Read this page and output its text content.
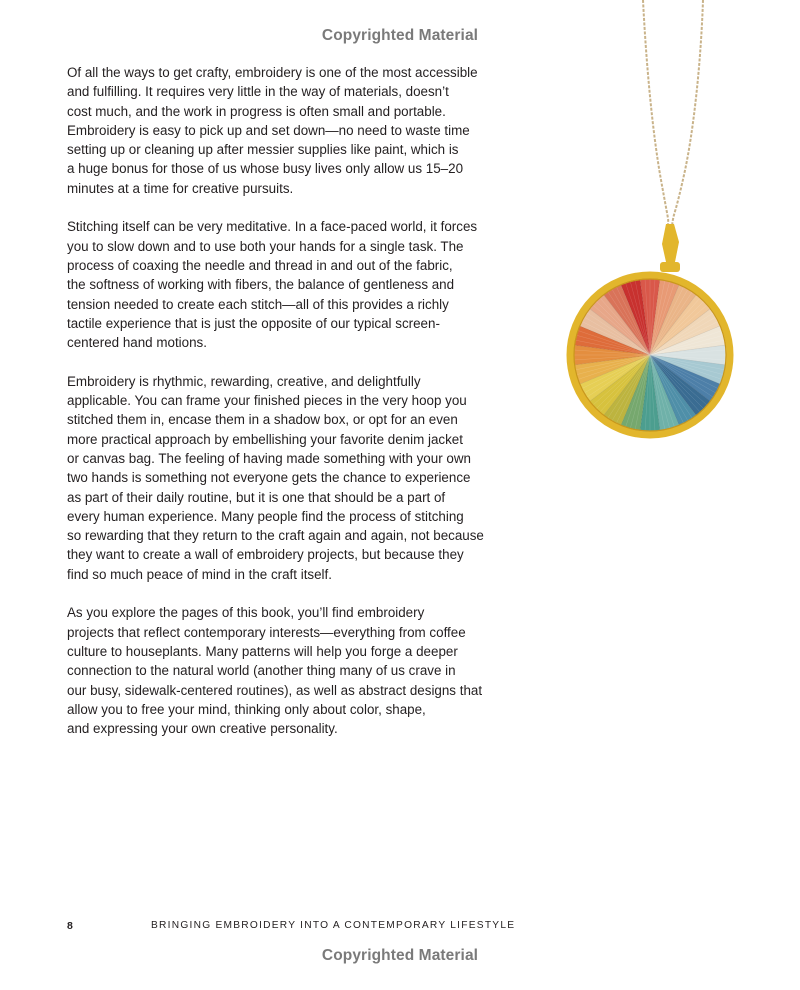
Copyrighted Material

Of all the ways to get crafty, embroidery is one of the most accessible
and fulfilling. It requires very little in the way of materials, doesn’t
cost much, and the work in progress is often small and portable.
Embroidery is easy to pick up and set down—no need to waste time
setting up or cleaning up after messier supplies like paint, which is
a huge bonus for those of us whose busy lives only allow us 15–20
minutes at a time for creative pursuits.

Stitching itself can be very meditative. In a face-paced world, it forces
you to slow down and to use both your hands for a single task. The
process of coaxing the needle and thread in and out of the fabric,
the softness of working with fibers, the balance of gentleness and
tension needed to create each stitch—all of this provides a richly
tactile experience that is just the opposite of our typical screen-
centered hand motions.

Embroidery is rhythmic, rewarding, creative, and delightfully
applicable. You can frame your finished pieces in the very hoop you
stitched them in, encase them in a shadow box, or opt for an even
more practical approach by embellishing your favorite denim jacket
or canvas bag. The feeling of having made something with your own
two hands is something not everyone gets the chance to experience
as part of their daily routine, but it is one that should be a part of
every human experience. Many people find the process of stitching
so rewarding that they return to the craft again and again, not because
they want to create a wall of embroidery projects, but because they
find so much peace of mind in the craft itself.

As you explore the pages of this book, you’ll find embroidery
projects that reflect contemporary interests—everything from coffee
culture to houseplants. Many patterns will help you forge a deeper
connection to the natural world (another thing many of us crave in
our busy, sidewalk-centered routines), as well as abstract designs that
allow you to free your mind, thinking only about color, shape,
and expressing your own creative personality.

8	BRINGING EMBROIDERY INTO A CONTEMPORARY LIFESTYLE
Copyrighted Material
